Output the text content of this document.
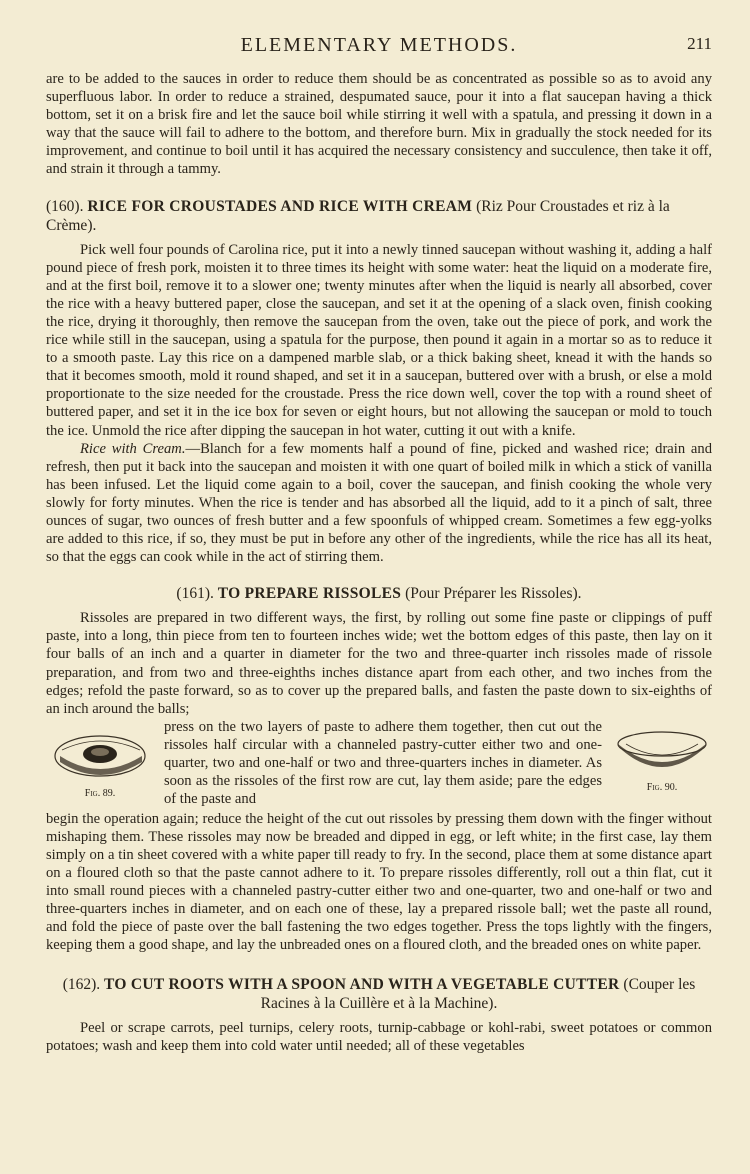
ELEMENTARY METHODS.	211

are to be added to the sauces in order to reduce them should be as concentrated as possible so as to avoid any superfluous labor. In order to reduce a strained, despumated sauce, pour it into a flat saucepan having a thick bottom, set it on a brisk fire and let the sauce boil while stirring it well with a spatula, and pressing it down in a way that the sauce will fail to adhere to the bottom, and therefore burn. Mix in gradually the stock needed for its improvement, and continue to boil until it has acquired the necessary consistency and succulence, then take it off, and strain it through a tammy.

(160). RICE FOR CROUSTADES AND RICE WITH CREAM (Riz Pour Croustades et riz à la Crème).

Pick well four pounds of Carolina rice, put it into a newly tinned saucepan without washing it, adding a half pound piece of fresh pork, moisten it to three times its height with some water: heat the liquid on a moderate fire, and at the first boil, remove it to a slower one; twenty minutes after when the liquid is nearly all absorbed, cover the rice with a heavy buttered paper, close the saucepan, and set it at the opening of a slack oven, finish cooking the rice, drying it thoroughly, then remove the saucepan from the oven, take out the piece of pork, and work the rice while still in the saucepan, using a spatula for the purpose, then pound it again in a mortar so as to reduce it to a smooth paste. Lay this rice on a dampened marble slab, or a thick baking sheet, knead it with the hands so that it becomes smooth, mold it round shaped, and set it in a saucepan, buttered over with a brush, or else a mold proportionate to the size needed for the croustade. Press the rice down well, cover the top with a round sheet of buttered paper, and set it in the ice box for seven or eight hours, but not allowing the saucepan or mold to touch the ice. Unmold the rice after dipping the saucepan in hot water, cutting it out with a knife.

Rice with Cream.—Blanch for a few moments half a pound of fine, picked and washed rice; drain and refresh, then put it back into the saucepan and moisten it with one quart of boiled milk in which a stick of vanilla has been infused. Let the liquid come again to a boil, cover the saucepan, and finish cooking the whole very slowly for forty minutes. When the rice is tender and has absorbed all the liquid, add to it a pinch of salt, three ounces of sugar, two ounces of fresh butter and a few spoonfuls of whipped cream. Sometimes a few egg-yolks are added to this rice, if so, they must be put in before any other of the ingredients, while the rice has all its heat, so that the eggs can cook while in the act of stirring them.

(161). TO PREPARE RISSOLES (Pour Préparer les Rissoles).

Rissoles are prepared in two different ways, the first, by rolling out some fine paste or clippings of puff paste, into a long, thin piece from ten to fourteen inches wide; wet the bottom edges of this paste, then lay on it four balls of an inch and a quarter in diameter for the two and three-quarter inch rissoles made of rissole preparation, and from two and three-eighths inches distance apart from each other, and two inches from the edges; refold the paste forward, so as to cover up the prepared balls, and fasten the paste down to six-eighths of an inch around the balls;

Fig. 89.
press on the two layers of paste to adhere them together, then cut out the rissoles half circular with a channeled pastry-cutter either two and one-quarter, two and one-half or two and three-quarters inches in diameter. As soon as the rissoles of the first row are cut, lay them aside; pare the edges of the paste and
Fig. 90.

begin the operation again; reduce the height of the cut out rissoles by pressing them down with the finger without mishaping them. These rissoles may now be breaded and dipped in egg, or left white; in the first case, lay them simply on a tin sheet covered with a white paper till ready to fry. In the second, place them at some distance apart on a floured cloth so that the paste cannot adhere to it. To prepare rissoles differently, roll out a thin flat, cut it into small round pieces with a channeled pastry-cutter either two and one-quarter, two and one-half or two and three-quarters inches in diameter, and on each one of these, lay a prepared rissole ball; wet the paste all round, and fold the piece of paste over the ball fastening the two edges together. Press the tops lightly with the fingers, keeping them a good shape, and lay the unbreaded ones on a floured cloth, and the breaded ones on white paper.

(162). TO CUT ROOTS WITH A SPOON AND WITH A VEGETABLE CUTTER (Couper les Racines à la Cuillère et à la Machine).

Peel or scrape carrots, peel turnips, celery roots, turnip-cabbage or kohl-rabi, sweet potatoes or common potatoes; wash and keep them into cold water until needed; all of these vegetables
